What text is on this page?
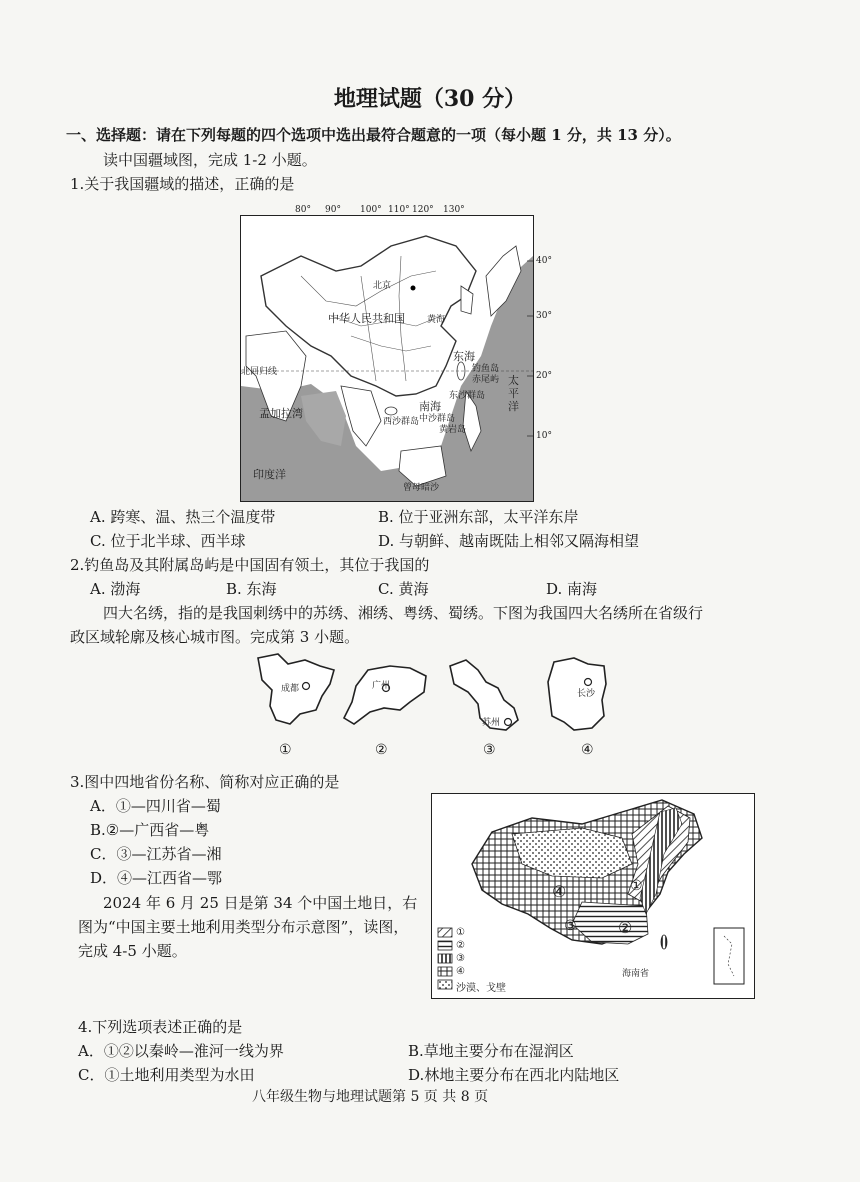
地理试题（30 分）
一、选择题：请在下列每题的四个选项中选出最符合题意的一项（每小题 1 分，共 13 分）。
读中国疆域图，完成 1-2 小题。
1.关于我国疆域的描述，正确的是
80° 90° 100° 110° 120° 130°
北京
中华人民共和国 黄海
东海
钓鱼岛
赤尾屿 太平洋
北回归线
东沙群岛
南海
西沙群岛 中沙群岛
黄岩岛
孟加拉湾
印度洋
曾母暗沙
40°
30°
20°
10°
A. 跨寒、温、热三个温度带	B. 位于亚洲东部，太平洋东岸
C. 位于北半球、西半球	D. 与朝鲜、越南既陆上相邻又隔海相望
2.钓鱼岛及其附属岛屿是中国固有领土，其位于我国的
A. 渤海	B. 东海	C. 黄海	D. 南海
四大名绣，指的是我国刺绣中的苏绣、湘绣、粤绣、蜀绣。下图为我国四大名绣所在省级行
政区域轮廓及核心城市图。完成第 3 小题。
成都	广州
苏州
长沙
①	②	③	④
3.图中四地省份名称、简称对应正确的是
A．①—四川省—蜀
B.②—广西省—粤
C．③—江苏省—湘
D．④—江西省—鄂
2024 年 6 月 25 日是第 34 个中国土地日，右
图为“中国主要土地利用类型分布示意图”，读图，
完成 4-5 小题。
①
②
③
④
沙漠、戈壁
①
②
③
④
海南省
4.下列选项表述正确的是
A．①②以秦岭—淮河一线为界	B.草地主要分布在湿润区
C．①土地利用类型为水田	D.林地主要分布在西北内陆地区
八年级生物与地理试题第 5 页 共 8 页
